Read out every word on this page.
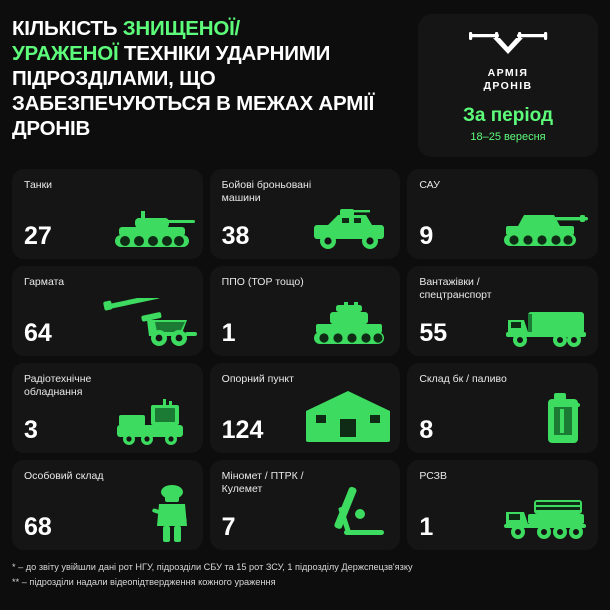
КІЛЬКІСТЬ ЗНИЩЕНОЇ/
УРАЖЕНОЇ ТЕХНІКИ УДАРНИМИ ПІДРОЗДІЛАМИ, ЩО ЗАБЕЗПЕЧУЮТЬСЯ В МЕЖАХ АРМІЇ ДРОНІВ
АРМІЯ
ДРОНІВ
За період
18–25 вересня
Танки
27
Бойові броньовані машини
38
САУ
9
Гармата
64
ППО (ТОР тощо)
1
Вантажівки / спецтранспорт
55
Радіотехнічне обладнання
3
Опорний пункт
124
Склад бк / паливо
8
Особовий склад
68
Міномет / ПТРК /Кулемет
7
РСЗВ
1
* – до звіту увійшли дані рот НГУ, підрозділи СБУ та 15 рот ЗСУ, 1 підрозділу Держспецзв'язку
** – підрозділи надали відеопідтвердження кожного ураження
